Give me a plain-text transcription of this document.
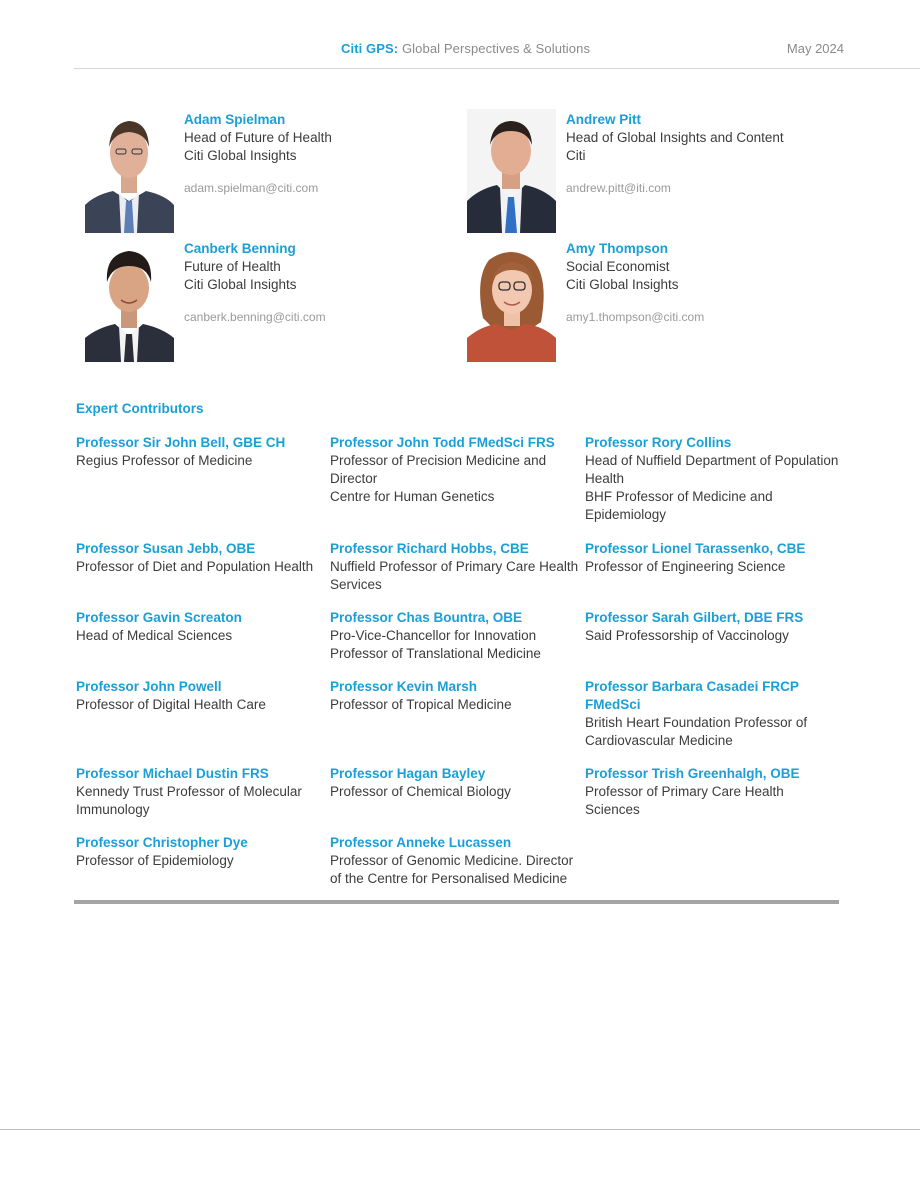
Citi GPS: Global Perspectives & Solutions	May 2024
Adam Spielman
Head of Future of Health
Citi Global Insights
adam.spielman@citi.com
Andrew Pitt
Head of Global Insights and Content
Citi
andrew.pitt@iti.com
Canberk Benning
Future of Health
Citi Global Insights
canberk.benning@citi.com
Amy Thompson
Social Economist
Citi Global Insights
amy1.thompson@citi.com
Expert Contributors
Professor Sir John Bell, GBE CH
Regius Professor of Medicine
Professor John Todd FMedSci FRS
Professor of Precision Medicine and Director
Centre for Human Genetics
Professor Rory Collins
Head of Nuffield Department of Population Health
BHF Professor of Medicine and Epidemiology
Professor Susan Jebb, OBE
Professor of Diet and Population Health
Professor Richard Hobbs, CBE
Nuffield Professor of Primary Care Health Services
Professor Lionel Tarassenko, CBE
Professor of Engineering Science
Professor Gavin Screaton
Head of Medical Sciences
Professor Chas Bountra, OBE
Pro-Vice-Chancellor for Innovation
Professor of Translational Medicine
Professor Sarah Gilbert, DBE FRS
Said Professorship of Vaccinology
Professor John Powell
Professor of Digital Health Care
Professor Kevin Marsh
Professor of Tropical Medicine
Professor Barbara Casadei FRCP FMedSci
British Heart Foundation Professor of Cardiovascular Medicine
Professor Michael Dustin FRS
Kennedy Trust Professor of Molecular Immunology
Professor Hagan Bayley
Professor of Chemical Biology
Professor Trish Greenhalgh, OBE
Professor of Primary Care Health Sciences
Professor Christopher Dye
Professor of Epidemiology
Professor Anneke Lucassen
Professor of Genomic Medicine. Director of the Centre for Personalised Medicine
